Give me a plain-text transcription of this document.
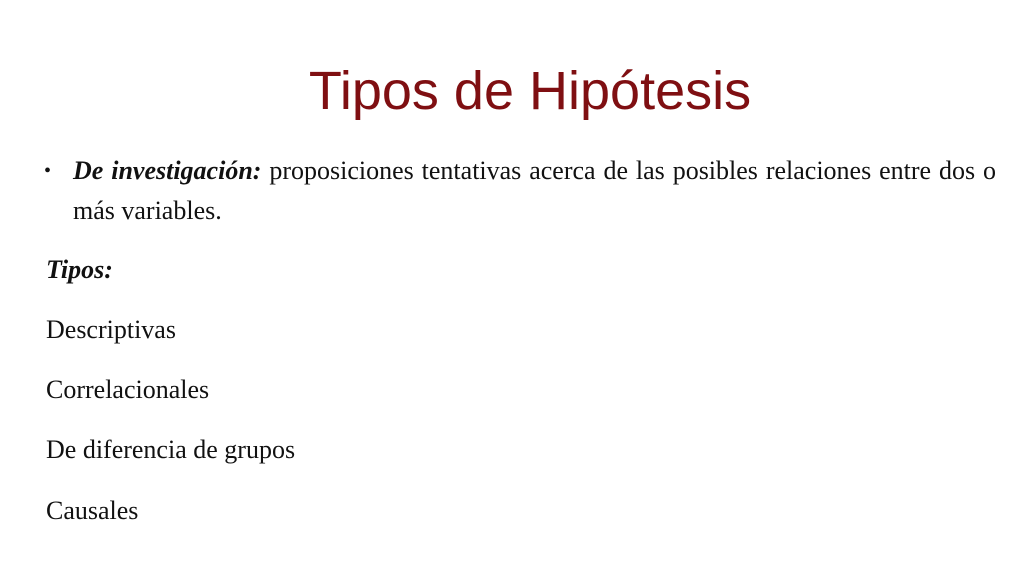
Tipos de Hipótesis
• De investigación: proposiciones tentativas acerca de las posibles relaciones entre dos o más variables.
Tipos:
Descriptivas
Correlacionales
De diferencia de grupos
Causales
